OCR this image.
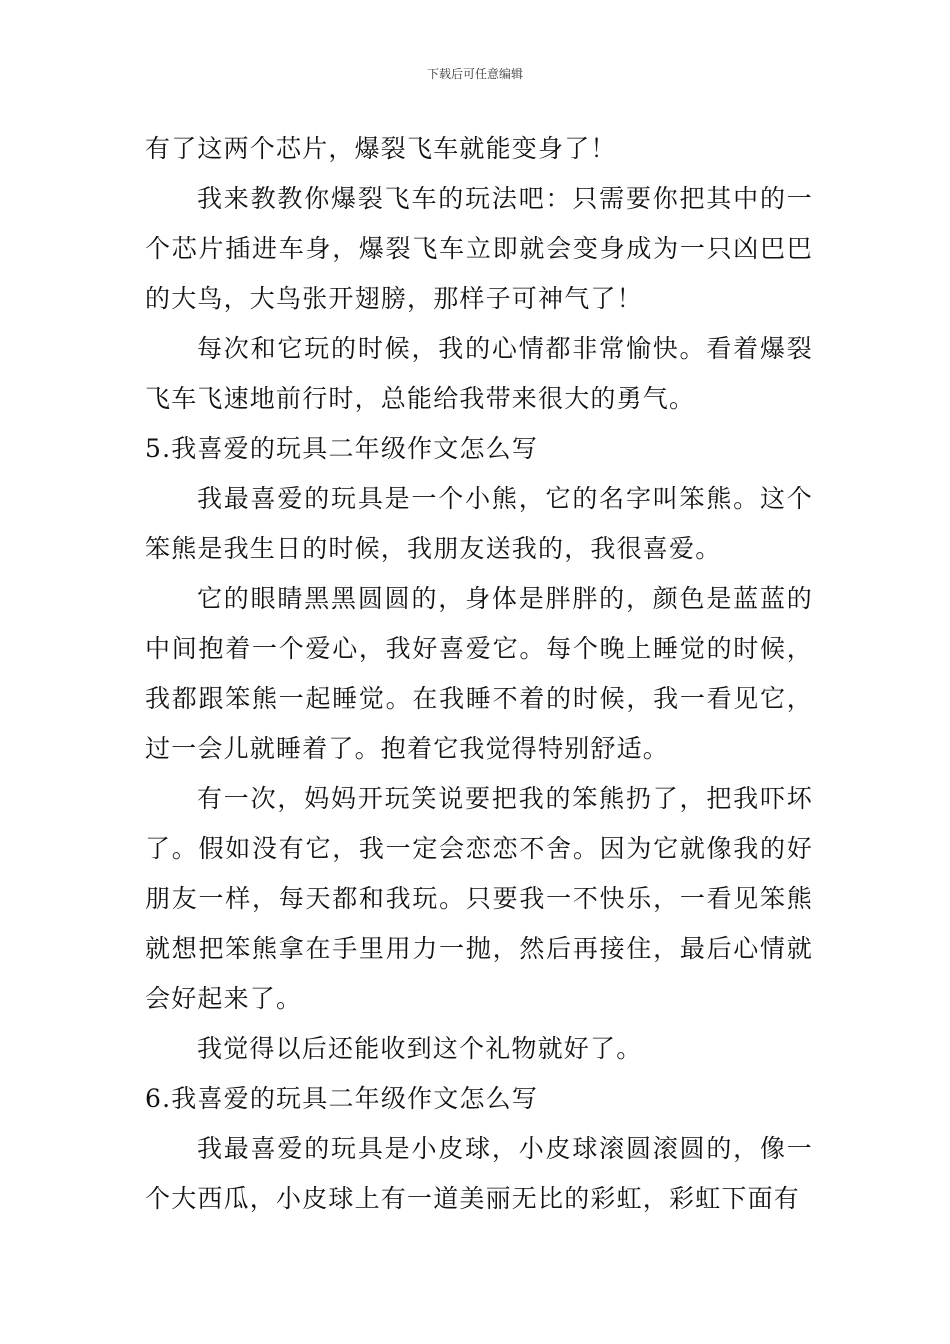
下载后可任意编辑

有了这两个芯片，爆裂飞车就能变身了！

我来教教你爆裂飞车的玩法吧：只需要你把其中的一个芯片插进车身，爆裂飞车立即就会变身成为一只凶巴巴的大鸟，大鸟张开翅膀，那样子可神气了！

每次和它玩的时候，我的心情都非常愉快。看着爆裂飞车飞速地前行时，总能给我带来很大的勇气。

5.我喜爱的玩具二年级作文怎么写

我最喜爱的玩具是一个小熊，它的名字叫笨熊。这个笨熊是我生日的时候，我朋友送我的，我很喜爱。

它的眼睛黑黑圆圆的，身体是胖胖的，颜色是蓝蓝的中间抱着一个爱心，我好喜爱它。每个晚上睡觉的时候，我都跟笨熊一起睡觉。在我睡不着的时候，我一看见它，过一会儿就睡着了。抱着它我觉得特别舒适。

有一次，妈妈开玩笑说要把我的笨熊扔了，把我吓坏了。假如没有它，我一定会恋恋不舍。因为它就像我的好朋友一样，每天都和我玩。只要我一不快乐，一看见笨熊就想把笨熊拿在手里用力一抛，然后再接住，最后心情就会好起来了。

我觉得以后还能收到这个礼物就好了。

6.我喜爱的玩具二年级作文怎么写

我最喜爱的玩具是小皮球，小皮球滚圆滚圆的，像一个大西瓜，小皮球上有一道美丽无比的彩虹，彩虹下面有
